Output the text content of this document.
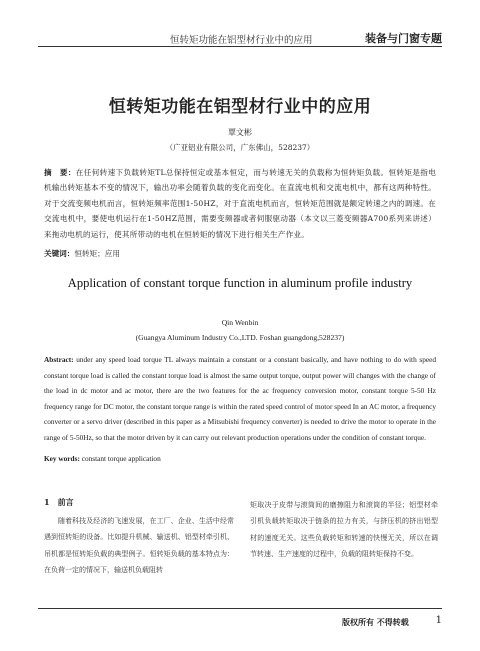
恒转矩功能在铝型材行业中的应用	装备与门窗专题
恒转矩功能在铝型材行业中的应用
覃文彬
（广亚铝业有限公司，广东佛山，528237）
摘　要：在任何转速下负载转矩TL总保持恒定或基本恒定，而与转速无关的负载称为恒转矩负载。恒转矩是指电机输出转矩基本不变的情况下，输出功率会随着负载的变化而变化。在直流电机和交流电机中，都有这两种特性。对于交流变频电机而言，恒转矩频率范围1-50HZ，对于直流电机而言，恒转矩范围就是额定转速之内的调速。在交流电机中，要使电机运行在1-50HZ范围，需要变频器或者伺服驱动器（本文以三菱变频器A700系列来讲述）来拖动电机的运行，使其所带动的电机在恒转矩的情况下进行相关生产作业。
关键词：恒转矩；应用
Application of constant torque function in aluminum profile industry
Qin Wenbin
(Guangya Aluminum Industry Co.,LTD. Foshan guangdong,528237)
Abstract: under any speed load torque TL always maintain a constant or a constant basically, and have nothing to do with speed constant torque load is called the constant torque load is almost the same output torque, output power will changes with the change of the load in dc motor and ac motor, there are the two features for the ac frequency conversion motor, constant torque 5-50 Hz frequency range for DC motor, the constant torque range is within the rated speed control of motor speed In an AC motor, a frequency converter or a servo driver (described in this paper as a Mitsubishi frequency converter) is needed to drive the motor to operate in the range of 5-50Hz, so that the motor driven by it can carry out relevant production operations under the condition of constant torque.
Key words: constant torque application
1　前言
随着科技及经济的飞速发展，在工厂、企业、生活中经常遇到恒转矩的设备。比如提升机械、输送机、铝型材牵引机、吊机都是恒转矩负载的典型例子。恒转矩负载的基本特点为：在负荷一定的情况下，输送机负载阻转
矩取决于皮带与滚筒间的磨擦阻力和滚筒的半径；铝型材牵引机负载转矩取决于链条的拉力有关，与挤压机的挤出铝型材的速度无关。这些负载转矩和转速的快慢无关，所以在调节转速、生产速度的过程中，负载的阻转矩保持不变。
版权所有 不得转载	1
